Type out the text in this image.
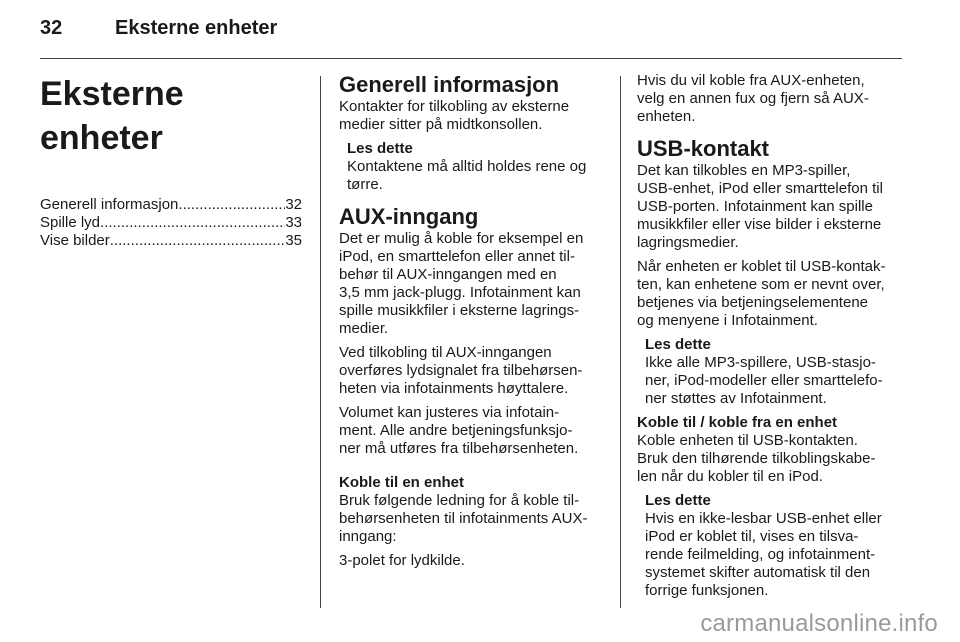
32	Eksterne enheter
Eksterne enheter
Generell informasjon .....	32
Spille lyd .....	33
Vise bilder .....	35
Generell informasjon

Kontakter for tilkobling av eksterne
medier sitter på midtkonsollen.

Les dette
Kontaktene må alltid holdes rene og
tørre.
AUX-inngang

Det er mulig å koble for eksempel en
iPod, en smarttelefon eller annet til-
behør til AUX-inngangen med en
3,5 mm jack-plugg. Infotainment kan
spille musikkfiler i eksterne lagrings-
medier.

Ved tilkobling til AUX-inngangen
overføres lydsignalet fra tilbehørsen-
heten via infotainments høyttalere.

Volumet kan justeres via infotain-
ment. Alle andre betjeningsfunksjo-
ner må utføres fra tilbehørsenheten.

Koble til en enhet

Bruk følgende ledning for å koble til-
behørsenheten til infotainments AUX-
inngang:

3-polet for lydkilde.

Hvis du vil koble fra AUX-enheten,
velg en annen fux og fjern så AUX-
enheten.

USB-kontakt

Det kan tilkobles en MP3-spiller,
USB-enhet, iPod eller smarttelefon til
USB-porten. Infotainment kan spille
musikkfiler eller vise bilder i eksterne
lagringsmedier.

Når enheten er koblet til USB-kontak-
ten, kan enhetene som er nevnt over,
betjenes via betjeningselementene
og menyene i Infotainment.

Les dette
Ikke alle MP3-spillere, USB-stasjo-
ner, iPod-modeller eller smarttelefo-
ner støttes av Infotainment.
Koble til / koble fra en enhet

Koble enheten til USB-kontakten.
Bruk den tilhørende tilkoblingskabe-
len når du kobler til en iPod.

Les dette
Hvis en ikke-lesbar USB-enhet eller
iPod er koblet til, vises en tilsva-
rende feilmelding, og infotainment-
systemet skifter automatisk til den
forrige funksjonen.
carmanualsonline.info
